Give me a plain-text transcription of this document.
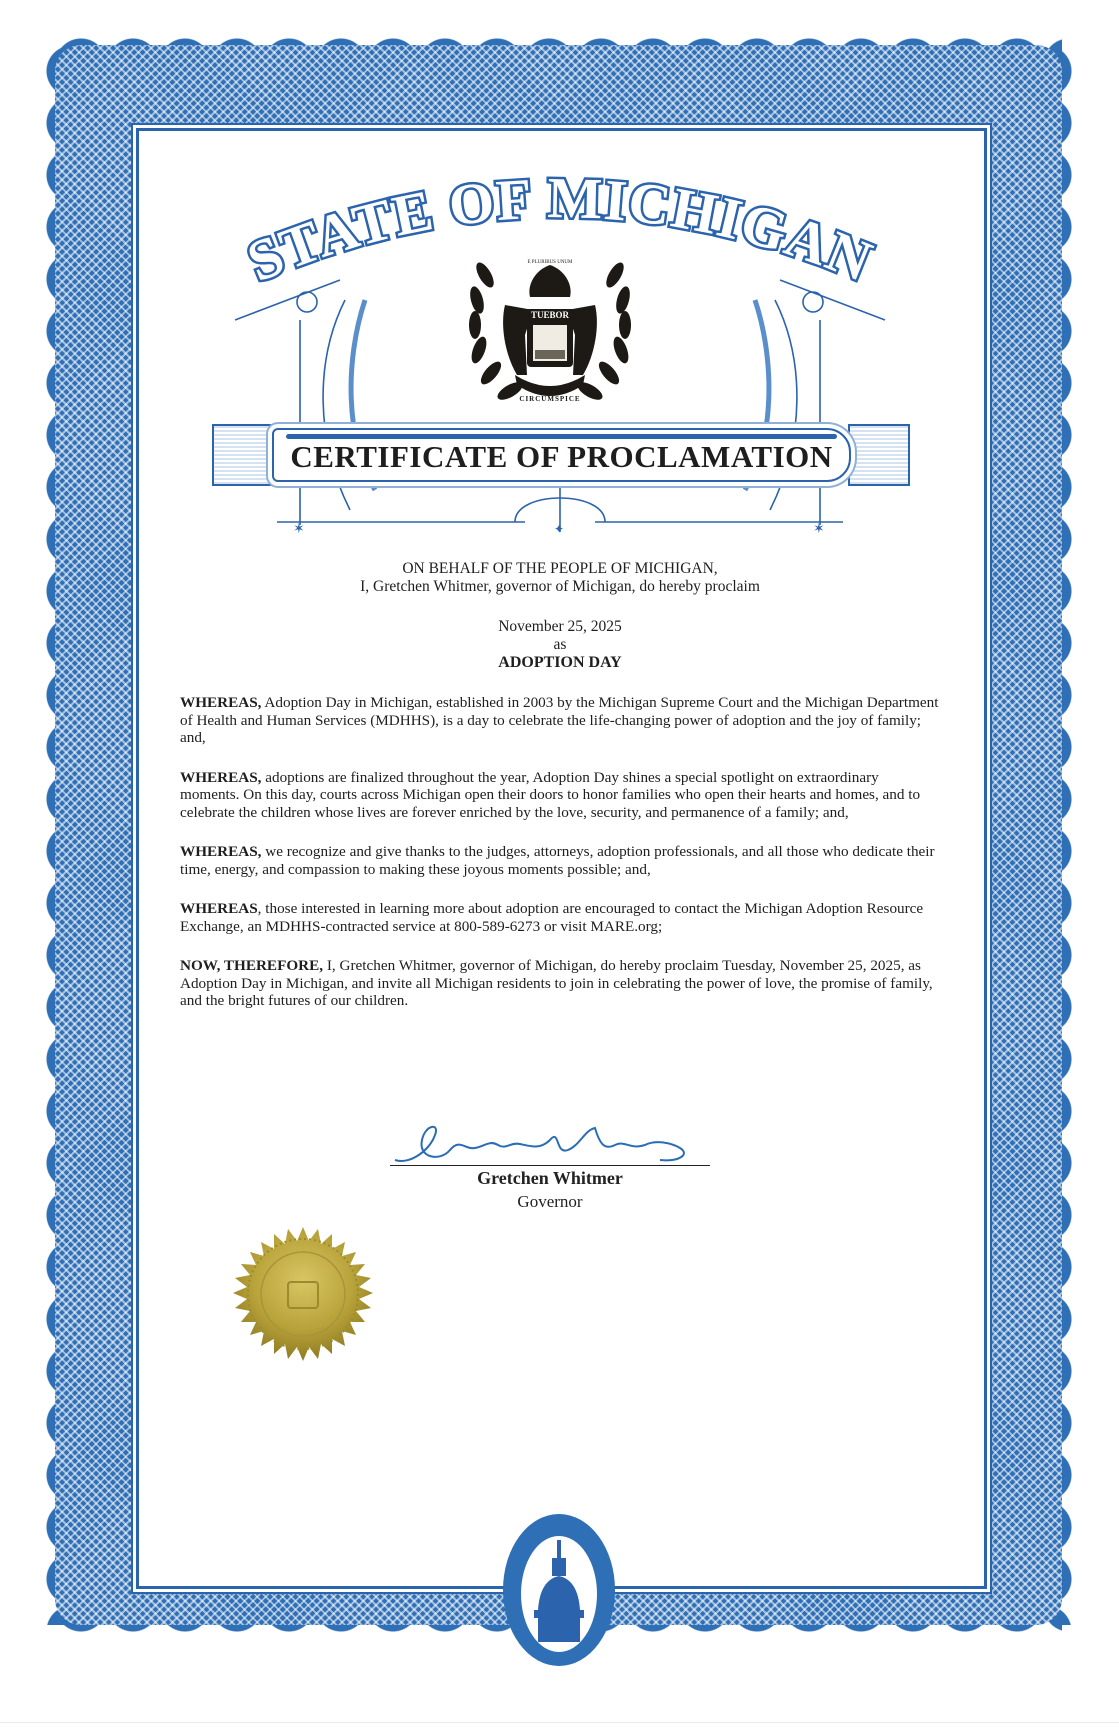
✶	✶
✦
STATE OF MICHIGAN
TUEBOR
CIRCUMSPICE
E PLURIBUS UNUM
CERTIFICATE OF PROCLAMATION
ON BEHALF OF THE PEOPLE OF MICHIGAN,
I, Gretchen Whitmer, governor of Michigan, do hereby proclaim
November 25, 2025
as
ADOPTION DAY

WHEREAS, Adoption Day in Michigan, established in 2003 by the Michigan Supreme Court and the Michigan Department of Health and Human Services (MDHHS), is a day to celebrate the life-changing power of adoption and the joy of family; and,

WHEREAS, adoptions are finalized throughout the year, Adoption Day shines a special spotlight on extraordinary moments. On this day, courts across Michigan open their doors to honor families who open their hearts and homes, and to celebrate the children whose lives are forever enriched by the love, security, and permanence of a family; and,

WHEREAS, we recognize and give thanks to the judges, attorneys, adoption professionals, and all those who dedicate their time, energy, and compassion to making these joyous moments possible; and,

WHEREAS, those interested in learning more about adoption are encouraged to contact the Michigan Adoption Resource Exchange, an MDHHS-contracted service at 800-589-6273 or visit MARE.org;

NOW, THEREFORE, I, Gretchen Whitmer, governor of Michigan, do hereby proclaim Tuesday, November 25, 2025, as Adoption Day in Michigan, and invite all Michigan residents to join in celebrating the power of love, the promise of family, and the bright futures of our children.

Gretchen Whitmer
Governor
